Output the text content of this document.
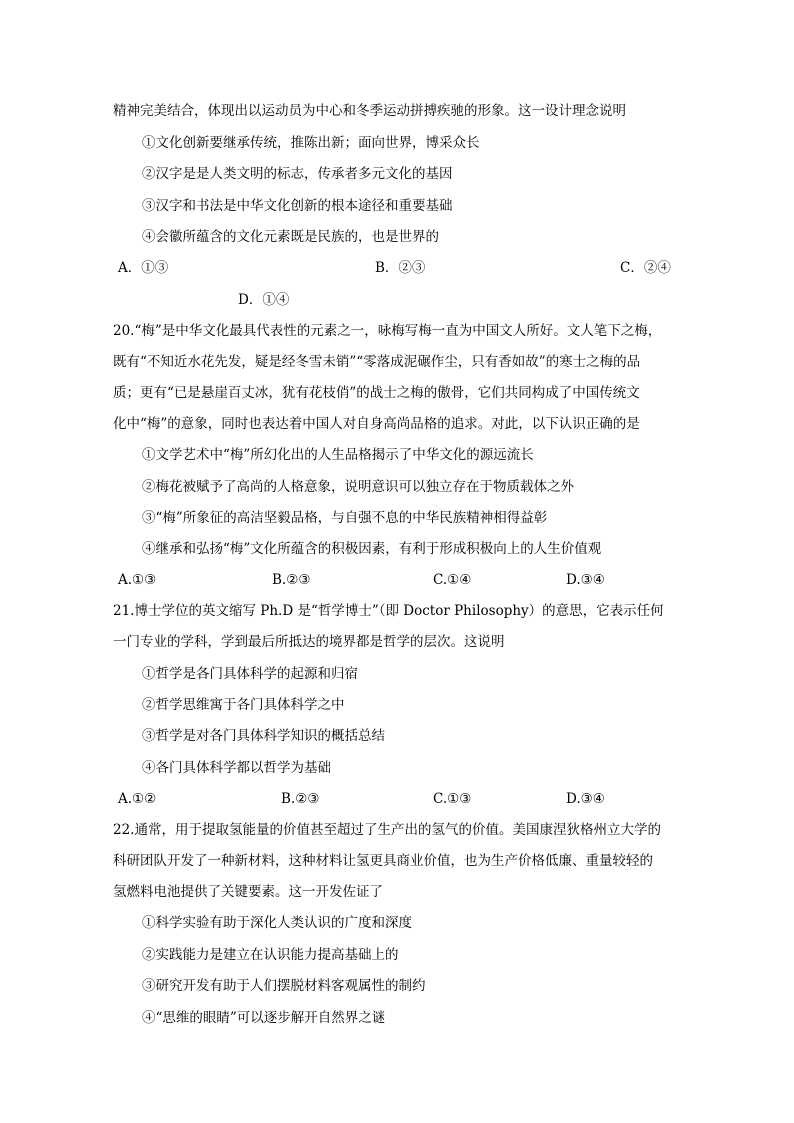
精神完美结合，体现出以运动员为中心和冬季运动拼搏疾驰的形象。这一设计理念说明
①文化创新要继承传统，推陈出新；面向世界，博采众长
②汉字是是人类文明的标志，传承者多元文化的基因
③汉字和书法是中华文化创新的根本途径和重要基础
④会徽所蕴含的文化元素既是民族的，也是世界的
A．①③	B．②③	C．②④
D．①④
20.“梅”是中华文化最具代表性的元素之一，咏梅写梅一直为中国文人所好。文人笔下之梅，
既有“不知近水花先发，疑是经冬雪未销”“零落成泥碾作尘，只有香如故”的寒士之梅的品
质；更有“已是悬崖百丈冰，犹有花枝俏”的战士之梅的傲骨，它们共同构成了中国传统文
化中“梅”的意象，同时也表达着中国人对自身高尚品格的追求。对此，以下认识正确的是
①文学艺术中“梅”所幻化出的人生品格揭示了中华文化的源远流长
②梅花被赋予了高尚的人格意象，说明意识可以独立存在于物质载体之外
③“梅”所象征的高洁坚毅品格，与自强不息的中华民族精神相得益彰
④继承和弘扬“梅”文化所蕴含的积极因素，有利于形成积极向上的人生价值观
A.①③	B.②③	C.①④	D.③④
21.博士学位的英文缩写 Ph.D 是“哲学博士”（即 Doctor Philosophy）的意思，它表示任何
一门专业的学科，学到最后所抵达的境界都是哲学的层次。这说明
①哲学是各门具体科学的起源和归宿
②哲学思维寓于各门具体科学之中
③哲学是对各门具体科学知识的概括总结
④各门具体科学都以哲学为基础
A.①②	B.②③	C.①③	D.③④
22.通常，用于提取氢能量的价值甚至超过了生产出的氢气的价值。美国康涅狄格州立大学的
科研团队开发了一种新材料，这种材料让氢更具商业价值，也为生产价格低廉、重量较轻的
氢燃料电池提供了关键要素。这一开发佐证了
①科学实验有助于深化人类认识的广度和深度
②实践能力是建立在认识能力提高基础上的
③研究开发有助于人们摆脱材料客观属性的制约
④“思维的眼睛”可以逐步解开自然界之谜
